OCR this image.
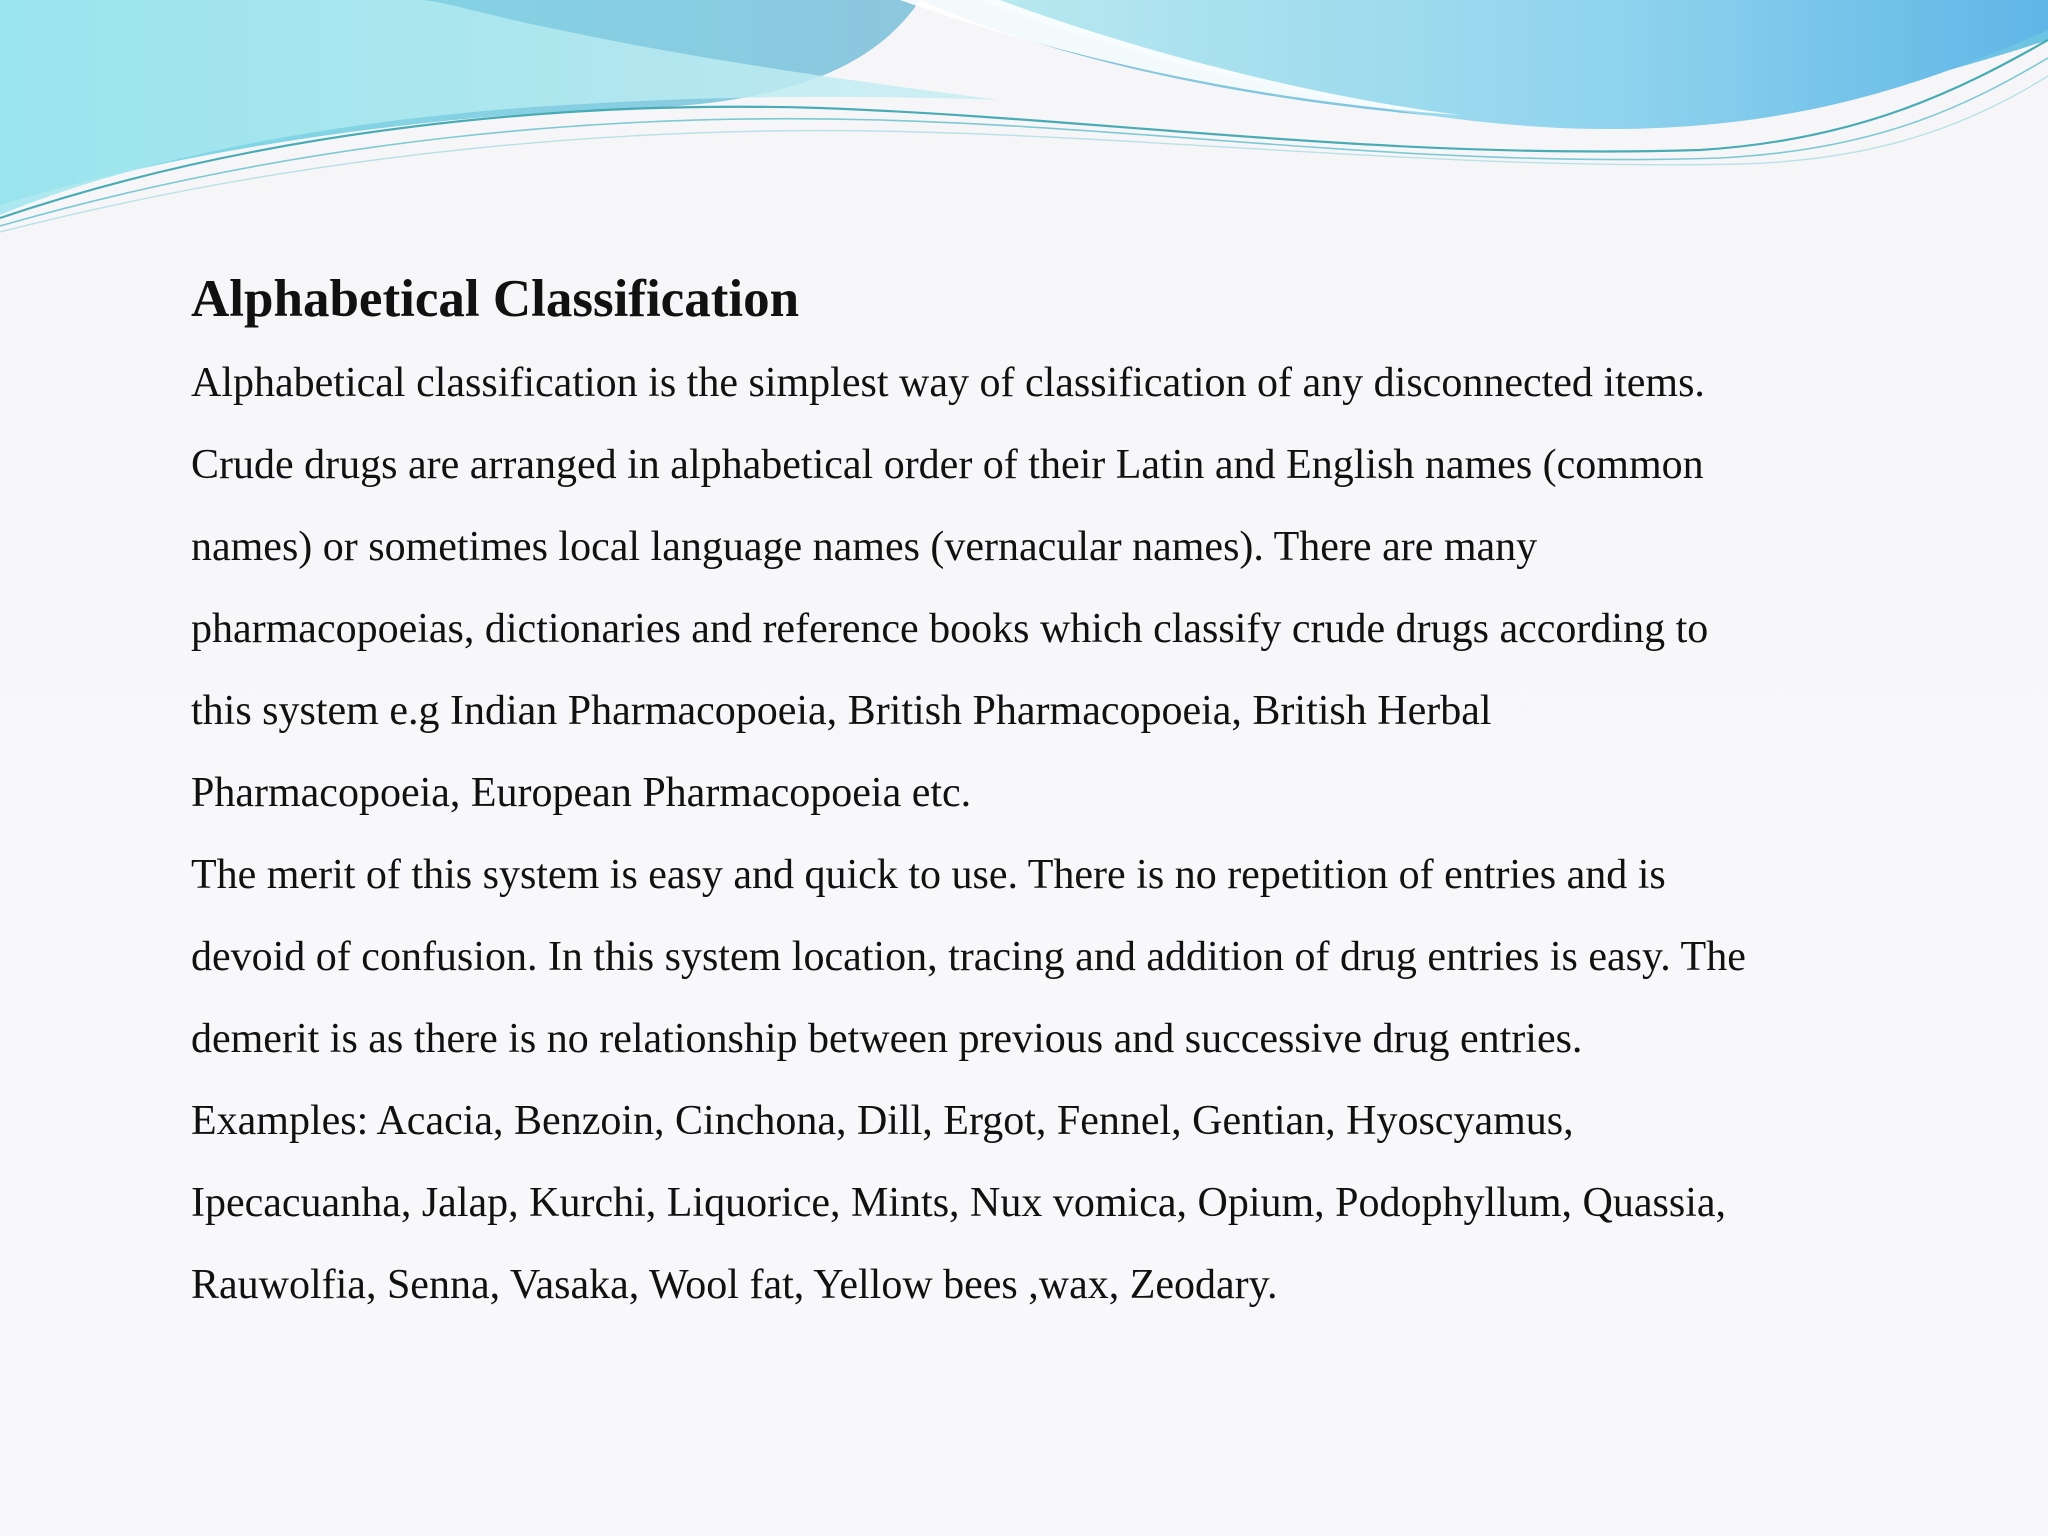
Alphabetical Classification

Alphabetical classification is the simplest way of classification of any disconnected items.
Crude drugs are arranged in alphabetical order of their Latin and English names (common
names) or sometimes local language names (vernacular names). There are many
pharmacopoeias, dictionaries and reference books which classify crude drugs according to
this system e.g Indian Pharmacopoeia, British Pharmacopoeia, British Herbal
Pharmacopoeia, European Pharmacopoeia etc.

The merit of this system is easy and quick to use. There is no repetition of entries and is
devoid of confusion. In this system location, tracing and addition of drug entries is easy. The
demerit is as there is no relationship between previous and successive drug entries.

Examples: Acacia, Benzoin, Cinchona, Dill, Ergot, Fennel, Gentian, Hyoscyamus,
Ipecacuanha, Jalap, Kurchi, Liquorice, Mints, Nux vomica, Opium, Podophyllum, Quassia,
Rauwolfia, Senna, Vasaka, Wool fat, Yellow bees ,wax, Zeodary.
